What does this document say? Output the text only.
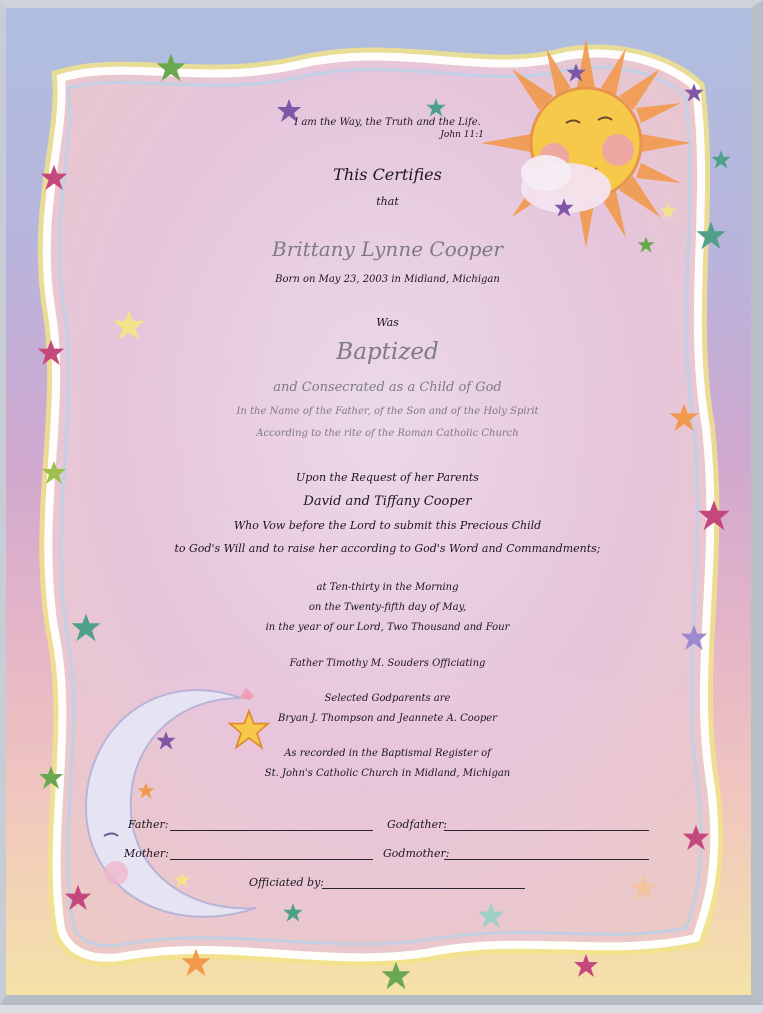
I am the Way, the Truth and the Life.
John 11:1
This Certifies
that
Brittany Lynne Cooper
Born on May 23, 2003 in Midland, Michigan
Was
Baptized
and Consecrated as a Child of God
In the Name of the Father, of the Son and of the Holy Spirit
According to the rite of the Roman Catholic Church
Upon the Request of her Parents
David and Tiffany Cooper
Who Vow before the Lord to submit this Precious Child
to God's Will and to raise her according to God's Word and Commandments;
at Ten-thirty in the Morning
on the Twenty-fifth day of May,
in the year of our Lord, Two Thousand and Four
Father Timothy M. Souders Officiating
Selected Godparents are
Bryan J. Thompson and Jeannete A. Cooper
As recorded in the Baptismal Register of
St. John's Catholic Church in Midland, Michigan
Father:	Godfather:
Mother:	Godmother:
Officiated by:
